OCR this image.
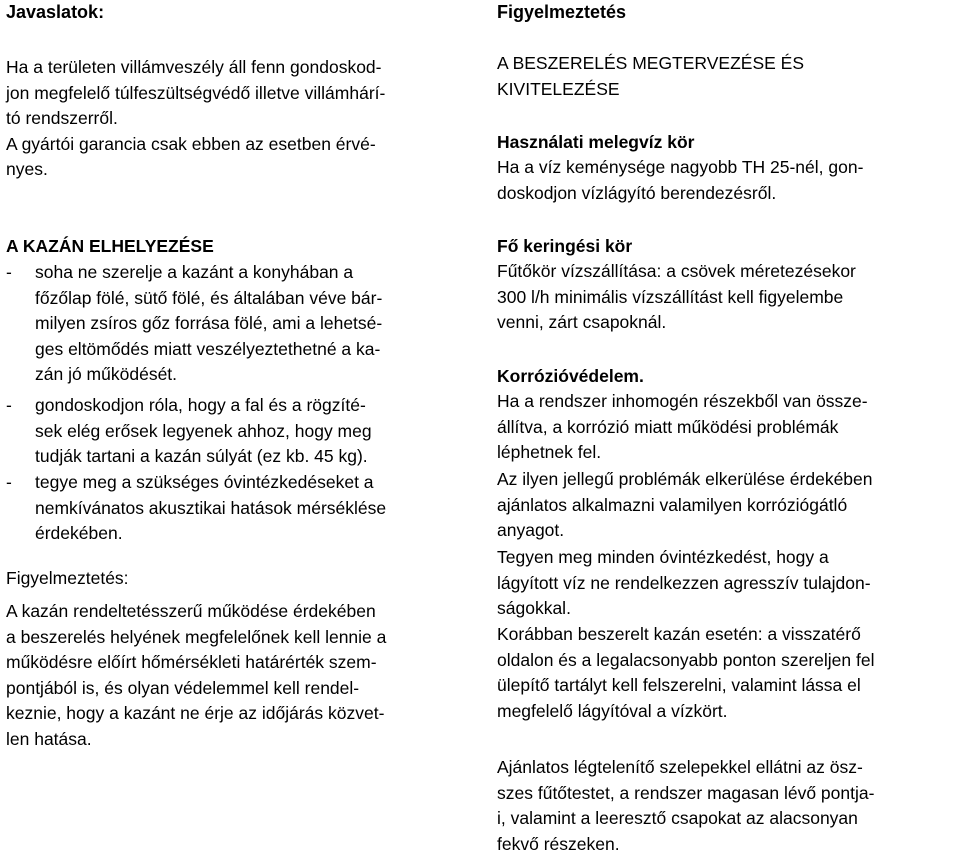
Javaslatok:
Ha a területen villámveszély áll fenn gondoskod-
jon megfelelő túlfeszültségvédő illetve villámhárí-
tó rendszerről.
A gyártói garancia csak ebben az esetben érvé-
nyes.
A KAZÁN ELHELYEZÉSE
-	soha ne szerelje a kazánt a konyhában a
főzőlap fölé, sütő fölé, és általában véve bár-
milyen zsíros gőz forrása fölé, ami a lehetsé-
ges eltömődés miatt veszélyeztethetné a ka-
zán jó működését.
-	gondoskodjon róla, hogy a fal és a rögzíté-
sek elég erősek legyenek ahhoz, hogy meg
tudják tartani a kazán súlyát (ez kb. 45 kg).
-	tegye meg a szükséges óvintézkedéseket a
nemkívánatos akusztikai hatások mérséklése
érdekében.
Figyelmeztetés:
A kazán rendeltetésszerű működése érdekében
a beszerelés helyének megfelelőnek kell lennie a
működésre előírt hőmérsékleti határérték szem-
pontjából is, és olyan védelemmel kell rendel-
keznie, hogy a kazánt ne érje az időjárás közvet-
len hatása.
Figyelmeztetés
A BESZERELÉS MEGTERVEZÉSE ÉS
KIVITELEZÉSE
Használati melegvíz kör
Ha a víz keménysége nagyobb TH 25-nél, gon-
doskodjon vízlágyító berendezésről.
Fő keringési kör
Fűtőkör vízszállítása: a csövek méretezésekor
300 l/h minimális vízszállítást kell figyelembe
venni, zárt csapoknál.
Korrózióvédelem.
Ha a rendszer inhomogén részekből van össze-
állítva, a korrózió miatt működési problémák
léphetnek fel.
Az ilyen jellegű problémák elkerülése érdekében
ajánlatos alkalmazni valamilyen korróziógátló
anyagot.
Tegyen meg minden óvintézkedést, hogy a
lágyított víz ne rendelkezzen agresszív tulajdon-
ságokkal.
Korábban beszerelt kazán esetén: a visszatérő
oldalon és a legalacsonyabb ponton szereljen fel
ülepítő tartályt kell felszerelni, valamint lássa el
megfelelő lágyítóval a vízkört.
Ajánlatos légtelenítő szelepekkel ellátni az ösz-
szes fűtőtestet, a rendszer magasan lévő pontja-
i, valamint a leeresztő csapokat az alacsonyan
fekvő részeken.
